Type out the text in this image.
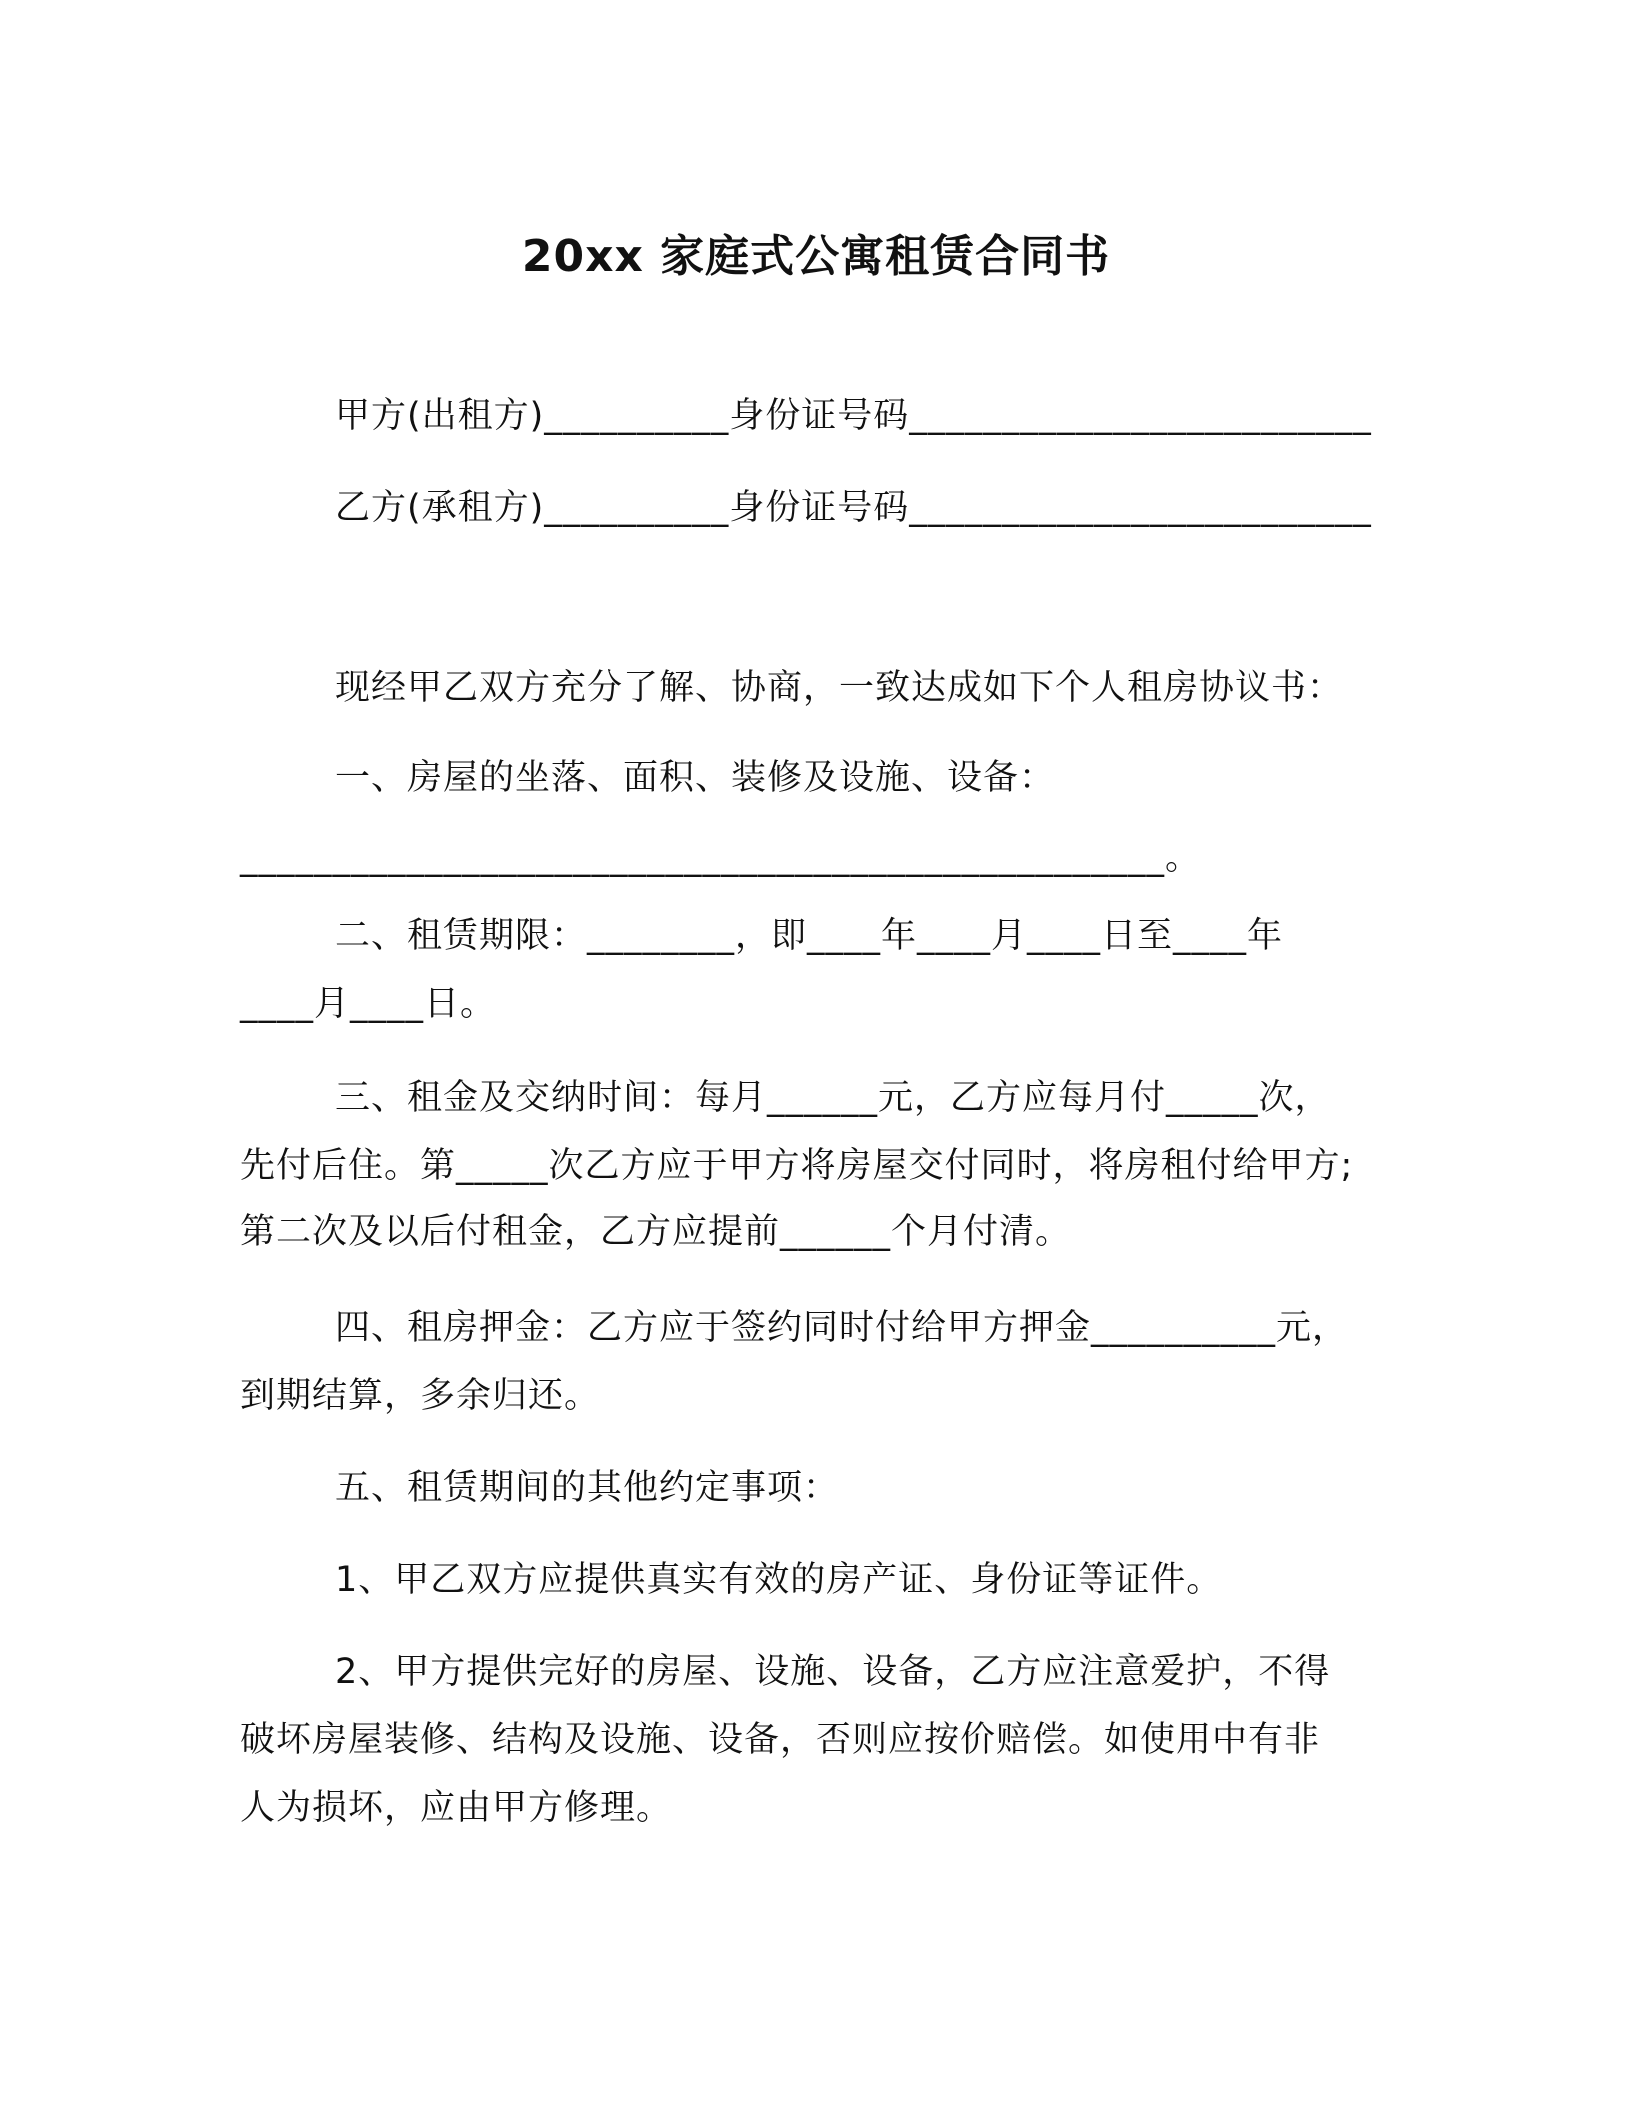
20xx 家庭式公寓租赁合同书
甲方(出租方)__________身份证号码_________________________
乙方(承租方)__________身份证号码_________________________
现经甲乙双方充分了解、协商，一致达成如下个人租房协议书：
一、房屋的坐落、面积、装修及设施、设备：
__________________________________________________。
二、租赁期限：________，即____年____月____日至____年
____月____日。
三、租金及交纳时间：每月______元，乙方应每月付_____次，
先付后住。第_____次乙方应于甲方将房屋交付同时，将房租付给甲方;
第二次及以后付租金，乙方应提前______个月付清。
四、租房押金：乙方应于签约同时付给甲方押金__________元，
到期结算，多余归还。
五、租赁期间的其他约定事项：
1、甲乙双方应提供真实有效的房产证、身份证等证件。
2、甲方提供完好的房屋、设施、设备，乙方应注意爱护，不得
破坏房屋装修、结构及设施、设备，否则应按价赔偿。如使用中有非
人为损坏，应由甲方修理。
